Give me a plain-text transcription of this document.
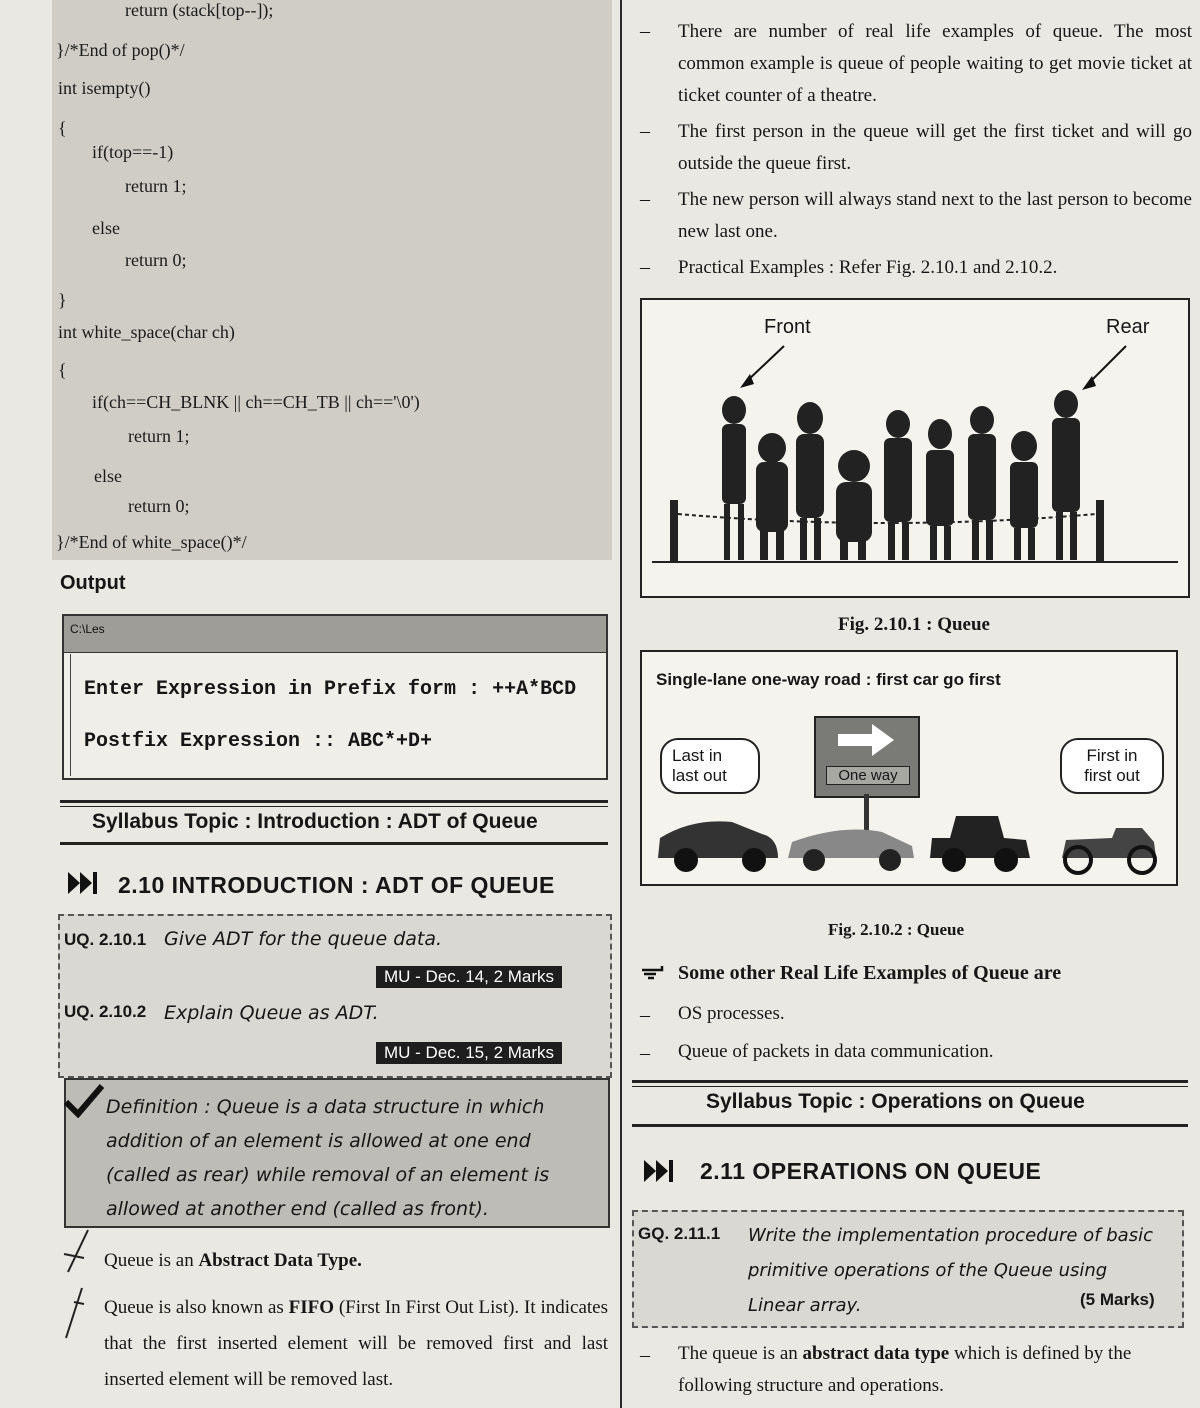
return (stack[top--]);
}/*End of pop()*/
int isempty()
{
if(top==-1)
return 1;
else
return 0;
}
int white_space(char ch)
{
if(ch==CH_BLNK || ch==CH_TB || ch=='\0')
return 1;
else
return 0;
}/*End of white_space()*/
Output
C:\Les
Enter Expression in Prefix form : ++A*BCD
Postfix Expression :: ABC*+D+
Syllabus Topic : Introduction : ADT of Queue
2.10 INTRODUCTION : ADT OF QUEUE
UQ. 2.10.1 Give ADT for the queue data.
MU - Dec. 14, 2 Marks
UQ. 2.10.2 Explain Queue as ADT.
MU - Dec. 15, 2 Marks
Definition : Queue is a data structure in which addition of an element is allowed at one end (called as rear) while removal of an element is allowed at another end (called as front).
Queue is an Abstract Data Type.
Queue is also known as FIFO (First In First Out List). It indicates that the first inserted element will be removed first and last inserted element will be removed last.
– There are number of real life examples of queue. The most common example is queue of people waiting to get movie ticket at ticket counter of a theatre.
– The first person in the queue will get the first ticket and will go outside the queue first.
– The new person will always stand next to the last person to become new last one.
– Practical Examples : Refer Fig. 2.10.1 and 2.10.2.
Front	Rear
Fig. 2.10.1 : Queue
Single-lane one-way road : first car go first
Last in last out	One way
First in first out
Fig. 2.10.2 : Queue
Some other Real Life Examples of Queue are
– OS processes.
– Queue of packets in data communication.
Syllabus Topic : Operations on Queue
2.11 OPERATIONS ON QUEUE
GQ. 2.11.1 Write the implementation procedure of basic primitive operations of the Queue using Linear array.	(5 Marks)
– The queue is an abstract data type which is defined by the following structure and operations.
